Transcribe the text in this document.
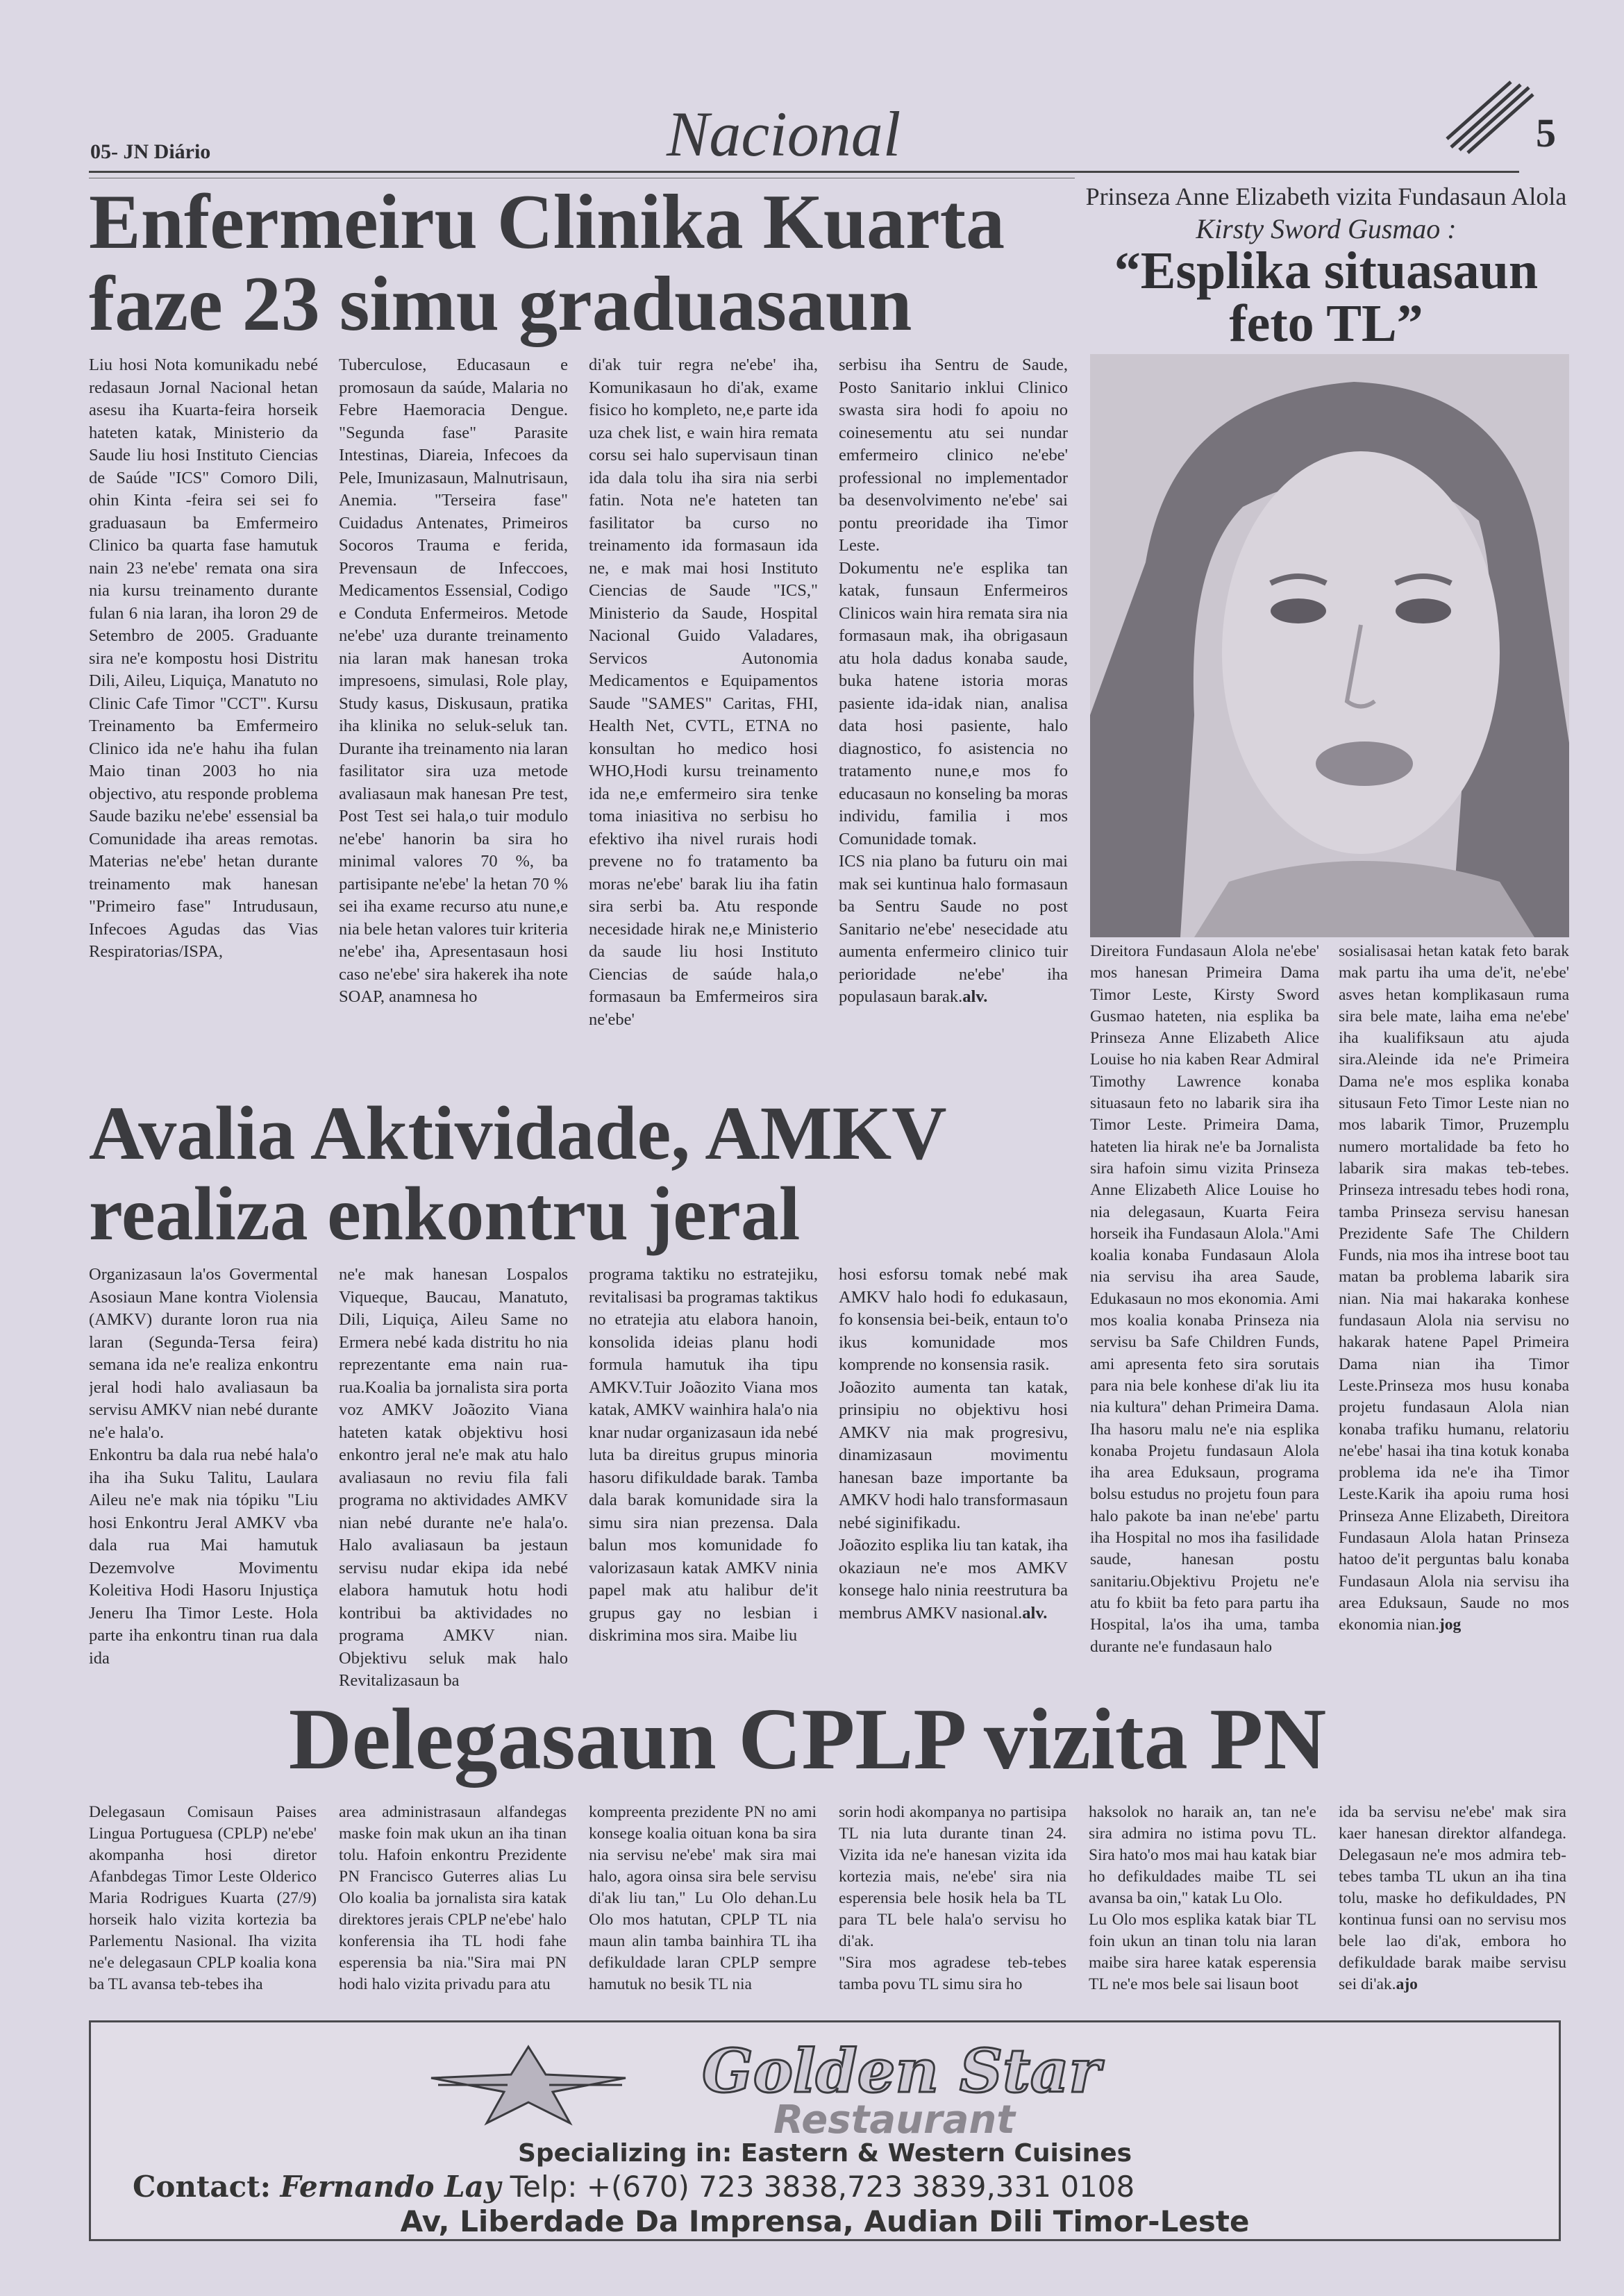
05- JN Diário	Nacional	5
Enfermeiru Clinika Kuarta faze 23 simu graduasaun
Liu hosi Nota komunikadu nebé redasaun Jornal Nacional hetan asesu iha Kuarta-feira horseik hateten katak, Ministerio da Saude liu hosi Instituto Ciencias de Saúde "ICS" Comoro Dili, ohin Kinta -feira sei sei fo graduasaun ba Emfermeiro Clinico ba quarta fase hamutuk nain 23 ne'ebe' remata ona sira nia kursu treinamento durante fulan 6 nia laran, iha loron 29 de Setembro de 2005. Graduante sira ne'e kompostu hosi Distritu Dili, Aileu, Liquiça, Manatuto no Clinic Cafe Timor "CCT". Kursu Treinamento ba Emfermeiro Clinico ida ne'e hahu iha fulan Maio tinan 2003 ho nia objectivo, atu responde problema Saude baziku ne'ebe' essensial ba Comunidade iha areas remotas. Materias ne'ebe' hetan durante treinamento mak hanesan "Primeiro fase" Intrudusaun, Infecoes Agudas das Vias Respiratorias/ISPA,
Tuberculose, Educasaun e promosaun da saúde, Malaria no Febre Haemoracia Dengue. "Segunda fase" Parasite Intestinas, Diareia, Infecoes da Pele, Imunizasaun, Malnutrisaun, Anemia. "Terseira fase" Cuidadus Antenates, Primeiros Socoros Trauma e ferida, Prevensaun de Infeccoes, Medicamentos Essensial, Codigo e Conduta Enfermeiros. Metode ne'ebe' uza durante treinamento nia laran mak hanesan troka impresoens, simulasi, Role play, Study kasus, Diskusaun, pratika iha klinika no seluk-seluk tan. Durante iha treinamento nia laran fasilitator sira uza metode avaliasaun mak hanesan Pre test, Post Test sei hala,o tuir modulo ne'ebe' hanorin ba sira ho minimal valores 70 %, ba partisipante ne'ebe' la hetan 70 % sei iha exame recurso atu nune,e nia bele hetan valores tuir kriteria ne'ebe' iha, Apresentasaun hosi caso ne'ebe' sira hakerek iha note SOAP, anamnesa ho
di'ak tuir regra ne'ebe' iha, Komunikasaun ho di'ak, exame fisico ho kompleto, ne,e parte ida uza chek list, e wain hira remata corsu sei halo supervisaun tinan ida dala tolu iha sira nia serbi fatin. Nota ne'e hateten tan fasilitator ba curso no treinamento ida formasaun ida ne, e mak mai hosi Instituto Ciencias de Saude "ICS," Ministerio da Saude, Hospital Nacional Guido Valadares, Servicos Autonomia Medicamentos e Equipamentos Saude "SAMES" Caritas, FHI, Health Net, CVTL, ETNA no konsultan ho medico hosi WHO,Hodi kursu treinamento ida ne,e emfermeiro sira tenke toma iniasitiva no serbisu ho efektivo iha nivel rurais hodi prevene no fo tratamento ba moras ne'ebe' barak liu iha fatin sira serbi ba. Atu responde necesidade hirak ne,e Ministerio da saude liu hosi Instituto Ciencias de saúde hala,o formasaun ba Emfermeiros sira ne'ebe'
serbisu iha Sentru de Saude, Posto Sanitario inklui Clinico swasta sira hodi fo apoiu no coinesementu atu sei nundar emfermeiro clinico ne'ebe' professional no implementador ba desenvolvimento ne'ebe' sai pontu preoridade iha Timor Leste.
Dokumentu ne'e esplika tan katak, funsaun Enfermeiros Clinicos wain hira remata sira nia formasaun mak, iha obrigasaun atu hola dadus konaba saude, buka hatene istoria moras pasiente ida-idak nian, analisa data hosi pasiente, halo diagnostico, fo asistencia no tratamento nune,e mos fo educasaun no konseling ba moras individu, familia i mos Comunidade tomak.
ICS nia plano ba futuru oin mai mak sei kuntinua halo formasaun ba Sentru Saude no post Sanitario ne'ebe' nesecidade atu aumenta enfermeiro clinico tuir perioridade ne'ebe' iha populasaun barak.alv.
Prinseza Anne Elizabeth vizita Fundasaun Alola
Kirsty Sword Gusmao :
“Esplika situasaun feto TL”
Direitora Fundasaun Alola ne'ebe' mos hanesan Primeira Dama Timor Leste, Kirsty Sword Gusmao hateten, nia esplika ba Prinseza Anne Elizabeth Alice Louise ho nia kaben Rear Admiral Timothy Lawrence konaba situasaun feto no labarik sira iha Timor Leste. Primeira Dama, hateten lia hirak ne'e ba Jornalista sira hafoin simu vizita Prinseza Anne Elizabeth Alice Louise ho nia delegasaun, Kuarta Feira horseik iha Fundasaun Alola."Ami koalia konaba Fundasaun Alola nia servisu iha area Saude, Edukasaun no mos ekonomia. Ami mos koalia konaba Prinseza nia servisu ba Safe Children Funds, ami apresenta feto sira sorutais para nia bele konhese di'ak liu ita nia kultura" dehan Primeira Dama. Iha hasoru malu ne'e nia esplika konaba Projetu fundasaun Alola iha area Eduksaun, programa bolsu estudus no projetu foun para halo pakote ba inan ne'ebe' partu iha Hospital no mos iha fasilidade saude, hanesan postu sanitariu.Objektivu Projetu ne'e atu fo kbiit ba feto para partu iha Hospital, la'os iha uma, tamba durante ne'e fundasaun halo
sosialisasai hetan katak feto barak mak partu iha uma de'it, ne'ebe' asves hetan komplikasaun ruma sira bele mate, laiha ema ne'ebe' iha kualifiksaun atu ajuda sira.Aleinde ida ne'e Primeira Dama ne'e mos esplika konaba situsaun Feto Timor Leste nian no mos labarik Timor, Pruzemplu numero mortalidade ba feto ho labarik sira makas teb-tebes. Prinseza intresadu tebes hodi rona, tamba Prinseza servisu hanesan Prezidente Safe The Childern Funds, nia mos iha intrese boot tau matan ba problema labarik sira nian. Nia mai hakaraka konhese fundasaun Alola nia servisu no hakarak hatene Papel Primeira Dama nian iha Timor Leste.Prinseza mos husu konaba projetu fundasaun Alola nian konaba trafiku humanu, relatoriu ne'ebe' hasai iha tina kotuk konaba problema ida ne'e iha Timor Leste.Karik iha apoiu ruma hosi Prinseza Anne Elizabeth, Direitora Fundasaun Alola hatan Prinseza hatoo de'it perguntas balu konaba Fundasaun Alola nia servisu iha area Eduksaun, Saude no mos ekonomia nian.jog
Avalia Aktividade, AMKV realiza enkontru jeral
Organizasaun la'os Govermental Asosiaun Mane kontra Violensia (AMKV) durante loron rua nia laran (Segunda-Tersa feira) semana ida ne'e realiza enkontru jeral hodi halo avaliasaun ba servisu AMKV nian nebé durante ne'e hala'o.
Enkontru ba dala rua nebé hala'o iha iha Suku Talitu, Laulara Aileu ne'e mak nia tópiku "Liu hosi Enkontru Jeral AMKV vba dala rua Mai hamutuk Dezemvolve Movimentu Koleitiva Hodi Hasoru Injustiça Jeneru Iha Timor Leste. Hola parte iha enkontru tinan rua dala ida
ne'e mak hanesan Lospalos Viqueque, Baucau, Manatuto, Dili, Liquiça, Aileu Same no Ermera nebé kada distritu ho nia reprezentante ema nain rua-rua.Koalia ba jornalista sira porta voz AMKV Joãozito Viana hateten katak objektivu hosi enkontro jeral ne'e mak atu halo avaliasaun no reviu fila fali programa no aktividades AMKV nian nebé durante ne'e hala'o. Halo avaliasaun ba jestaun servisu nudar ekipa ida nebé elabora hamutuk hotu hodi kontribui ba aktividades no programa AMKV nian. Objektivu seluk mak halo Revitalizasaun ba
programa taktiku no estratejiku, revitalisasi ba programas taktikus no etratejia atu elabora hanoin, konsolida ideias planu hodi formula hamutuk iha tipu AMKV.Tuir Joãozito Viana mos katak, AMKV wainhira hala'o nia knar nudar organizasaun ida nebé luta ba direitus grupus minoria hasoru difikuldade barak. Tamba dala barak komunidade sira la simu sira nian prezensa. Dala balun mos komunidade fo valorizasaun katak AMKV ninia papel mak atu halibur de'it grupus gay no lesbian i diskrimina mos sira. Maibe liu
hosi esforsu tomak nebé mak AMKV halo hodi fo edukasaun, fo konsensia bei-beik, entaun to'o ikus komunidade mos komprende no konsensia rasik.
Joãozito aumenta tan katak, prinsipiu no objektivu hosi AMKV nia mak progresivu, dinamizasaun movimentu hanesan baze importante ba AMKV hodi halo transformasaun nebé siginifikadu.
Joãozito esplika liu tan katak, iha okaziaun ne'e mos AMKV konsege halo ninia reestrutura ba membrus AMKV nasional.alv.
Delegasaun CPLP vizita PN
Delegasaun Comisaun Paises Lingua Portuguesa (CPLP) ne'ebe' akompanha hosi diretor Afanbdegas Timor Leste Olderico Maria Rodrigues Kuarta (27/9) horseik halo vizita kortezia ba Parlementu Nasional. Iha vizita ne'e delegasaun CPLP koalia kona ba TL avansa teb-tebes iha
area administrasaun alfandegas maske foin mak ukun an iha tinan tolu. Hafoin enkontru Prezidente PN Francisco Guterres alias Lu Olo koalia ba jornalista sira katak direktores jerais CPLP ne'ebe' halo konferensia iha TL hodi fahe esperensia ba nia."Sira mai PN hodi halo vizita privadu para atu
kompreenta prezidente PN no ami konsege koalia oituan kona ba sira nia servisu ne'ebe' mak sira mai halo, agora oinsa sira bele servisu di'ak liu tan," Lu Olo dehan.Lu Olo mos hatutan, CPLP TL nia maun alin tamba bainhira TL iha defikuldade laran CPLP sempre hamutuk no besik TL nia
sorin hodi akompanya no partisipa TL nia luta durante tinan 24. Vizita ida ne'e hanesan vizita ida kortezia mais, ne'ebe' sira nia esperensia bele hosik hela ba TL para TL bele hala'o servisu ho di'ak.
"Sira mos agradese teb-tebes tamba povu TL simu sira ho
haksolok no haraik an, tan ne'e sira admira no istima povu TL. Sira hato'o mos mai hau katak biar ho defikuldades maibe TL sei avansa ba oin," katak Lu Olo.
Lu Olo mos esplika katak biar TL foin ukun an tinan tolu nia laran maibe sira haree katak esperensia TL ne'e mos bele sai lisaun boot
ida ba servisu ne'ebe' mak sira kaer hanesan direktor alfandega. Delegasaun ne'e mos admira teb-tebes tamba TL ukun an iha tina tolu, maske ho defikuldades, PN kontinua funsi oan no servisu mos bele lao di'ak, embora ho defikuldade barak maibe servisu sei di'ak.ajo
Golden Star
Restaurant
Specializing in: Eastern & Western Cuisines
Contact: Fernando Lay Telp: +(670) 723 3838,723 3839,331 0108
Av, Liberdade Da Imprensa, Audian Dili Timor-Leste
